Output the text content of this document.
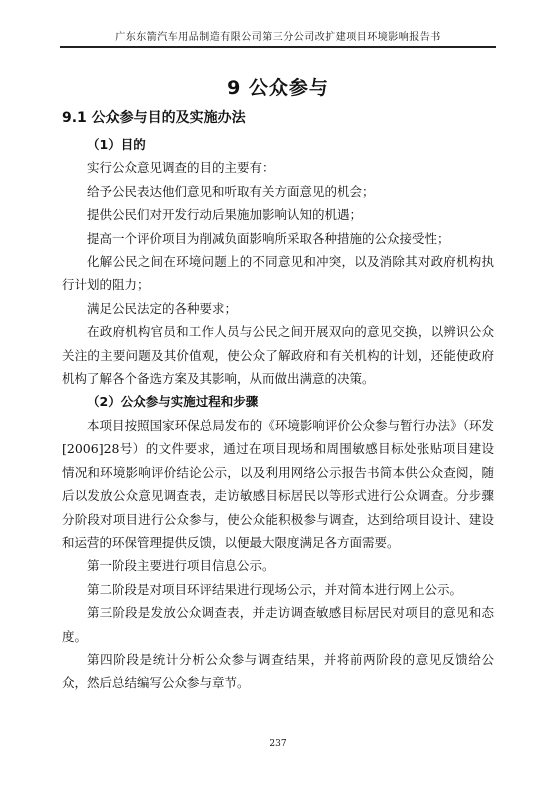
广东东箭汽车用品制造有限公司第三分公司改扩建项目环境影响报告书
9 公众参与
9.1 公众参与目的及实施办法

（1）目的

实行公众意见调查的目的主要有：

给予公民表达他们意见和听取有关方面意见的机会；

提供公民们对开发行动后果施加影响认知的机遇；

提高一个评价项目为削减负面影响所采取各种措施的公众接受性；

化解公民之间在环境问题上的不同意见和冲突，以及消除其对政府机构执行计划的阻力；

满足公民法定的各种要求；

在政府机构官员和工作人员与公民之间开展双向的意见交换，以辨识公众关注的主要问题及其价值观，使公众了解政府和有关机构的计划，还能使政府机构了解各个备选方案及其影响，从而做出满意的决策。

（2）公众参与实施过程和步骤

本项目按照国家环保总局发布的《环境影响评价公众参与暂行办法》（环发[2006]28号）的文件要求，通过在项目现场和周围敏感目标处张贴项目建设情况和环境影响评价结论公示，以及利用网络公示报告书简本供公众查阅，随后以发放公众意见调查表，走访敏感目标居民以等形式进行公众调查。分步骤分阶段对项目进行公众参与，使公众能积极参与调查，达到给项目设计、建设和运营的环保管理提供反馈，以便最大限度满足各方面需要。

第一阶段主要进行项目信息公示。

第二阶段是对项目环评结果进行现场公示，并对简本进行网上公示。

第三阶段是发放公众调查表，并走访调查敏感目标居民对项目的意见和态度。

第四阶段是统计分析公众参与调查结果，并将前两阶段的意见反馈给公众，然后总结编写公众参与章节。

237
